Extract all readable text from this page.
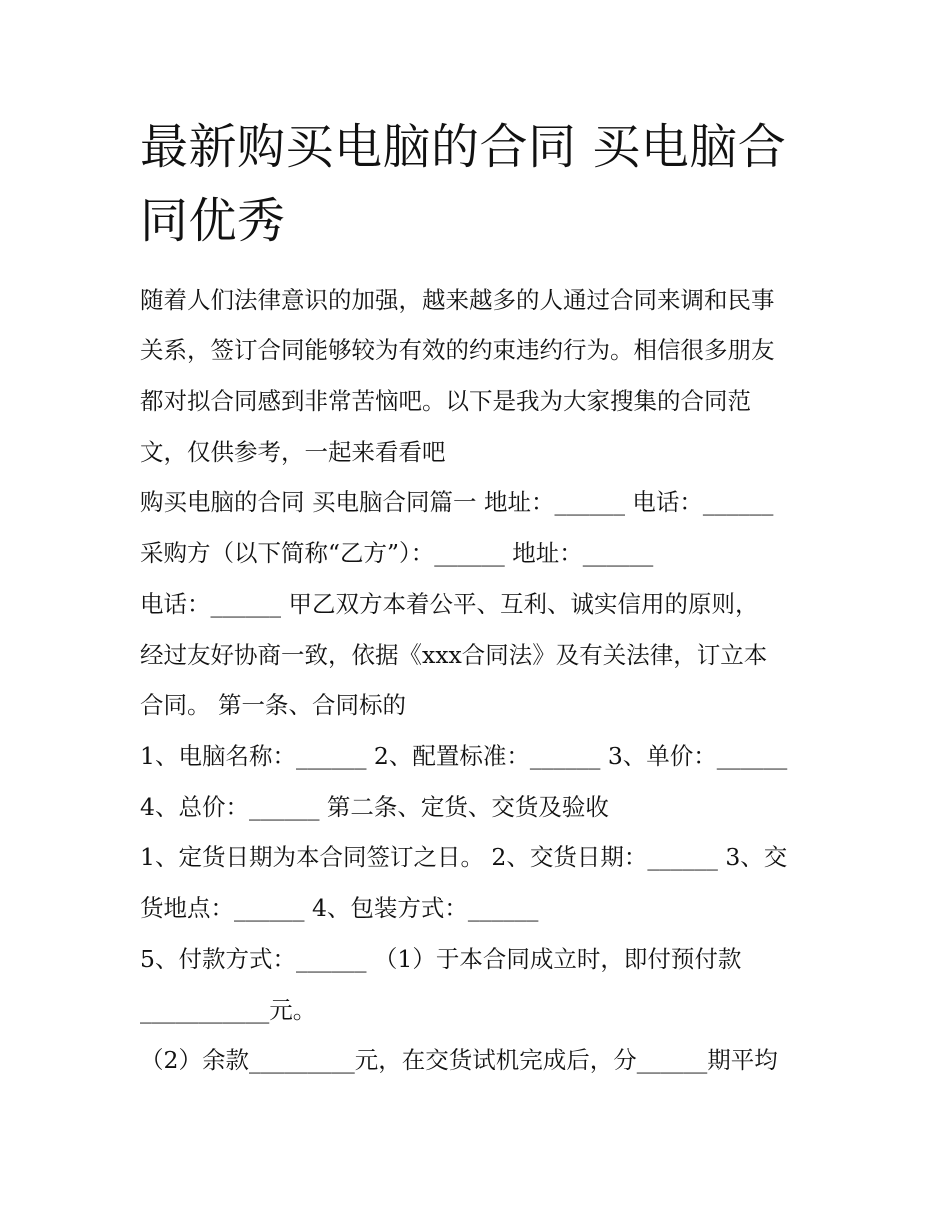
最新购买电脑的合同 买电脑合
同优秀

随着人们法律意识的加强，越来越多的人通过合同来调和民事

关系，签订合同能够较为有效的约束违约行为。相信很多朋友

都对拟合同感到非常苦恼吧。以下是我为大家搜集的合同范

文，仅供参考，一起来看看吧

购买电脑的合同 买电脑合同篇一 地址：______ 电话：______

采购方（以下简称“乙方”）：______ 地址：______

电话：______ 甲乙双方本着公平、互利、诚实信用的原则，

经过友好协商一致，依据《xxx合同法》及有关法律，订立本

合同。 第一条、合同标的

1、电脑名称：______ 2、配置标准：______ 3、单价：______

4、总价：______ 第二条、定货、交货及验收

1、定货日期为本合同签订之日。 2、交货日期：______ 3、交

货地点：______ 4、包装方式：______

5、付款方式：______ （1）于本合同成立时，即付预付款

___________元。

（2）余款_________元，在交货试机完成后，分______期平均
